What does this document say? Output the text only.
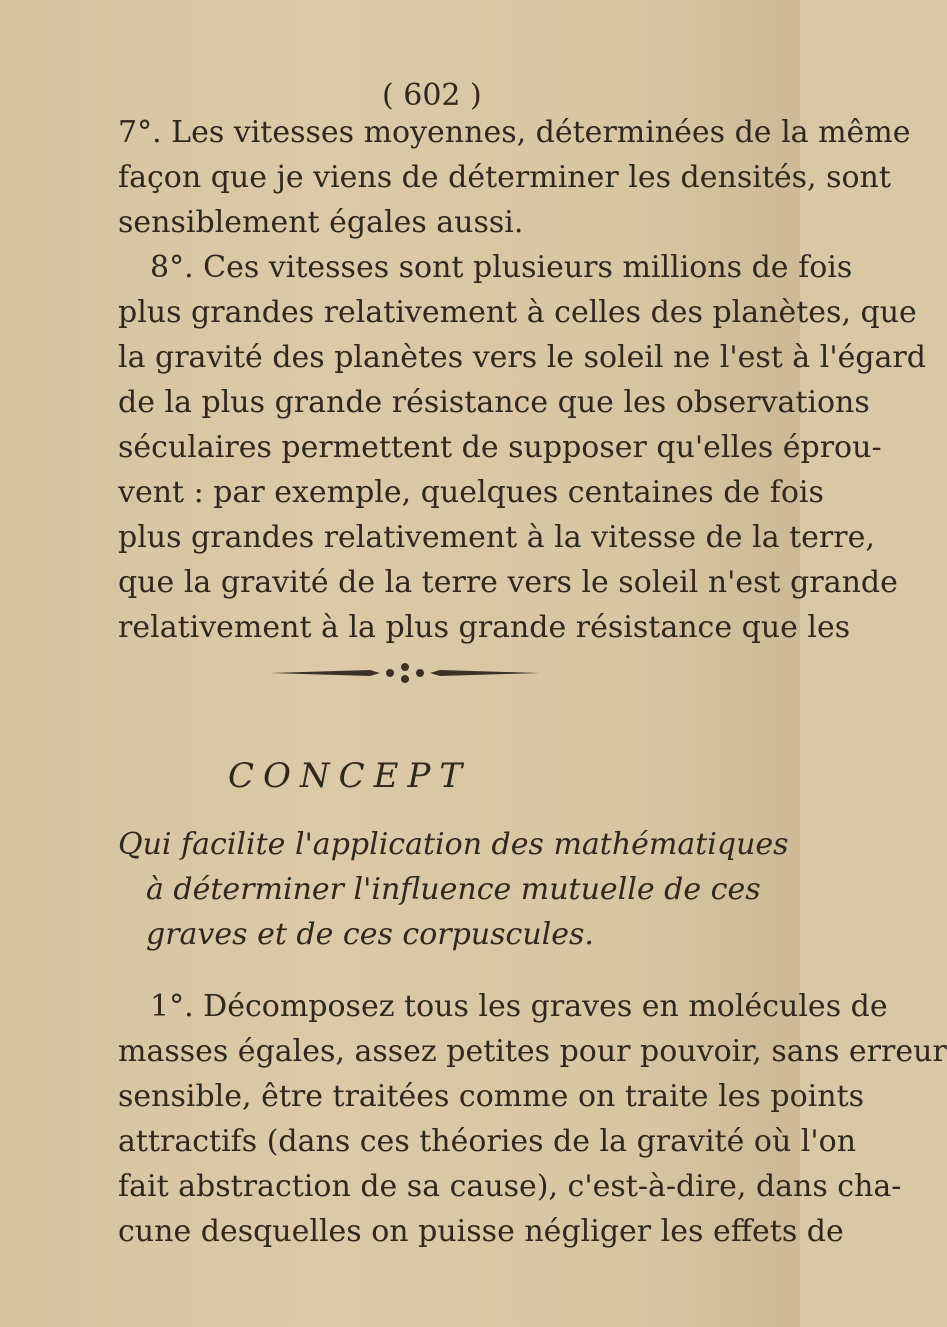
( 602 )
7°. Les vitesses moyennes, déterminées de la même
façon que je viens de déterminer les densités, sont
sensiblement égales aussi.
8°. Ces vitesses sont plusieurs millions de fois
plus grandes relativement à celles des planètes, que
la gravité des planètes vers le soleil ne l'est à l'égard
de la plus grande résistance que les observations
séculaires permettent de supposer qu'elles éprou-
vent : par exemple, quelques centaines de fois
plus grandes relativement à la vitesse de la terre,
que la gravité de la terre vers le soleil n'est grande
relativement à la plus grande résistance que les
CONCEPT
Qui facilite l'application des mathématiques
à déterminer l'influence mutuelle de ces
graves et de ces corpuscules.
1°. Décomposez tous les graves en molécules de
masses égales, assez petites pour pouvoir, sans erreur
sensible, être traitées comme on traite les points
attractifs (dans ces théories de la gravité où l'on
fait abstraction de sa cause), c'est-à-dire, dans cha-
cune desquelles on puisse négliger les effets de
